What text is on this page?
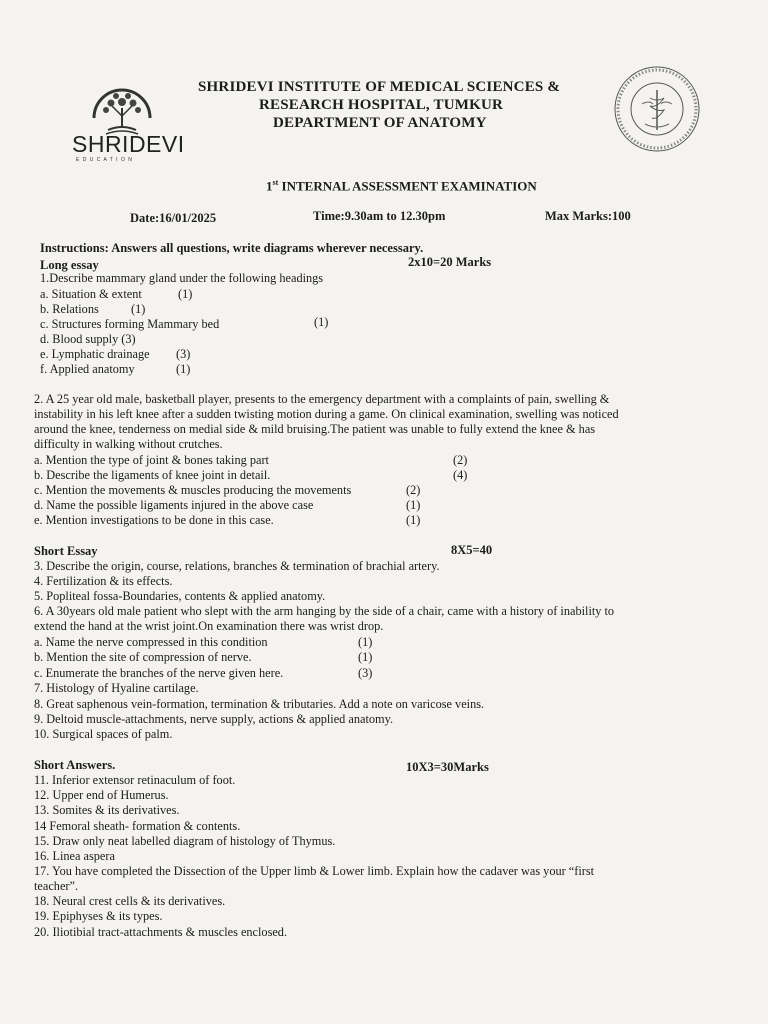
SHRIDEVI
E D U C A T I O N
SHRIDEVI INSTITUTE OF MEDICAL SCIENCES &
RESEARCH HOSPITAL, TUMKUR
DEPARTMENT OF ANATOMY
1st INTERNAL ASSESSMENT EXAMINATION
Date:16/01/2025	Time:9.30am to 12.30pm	Max Marks:100
Instructions: Answers all questions, write diagrams wherever necessary.
Long essay	2x10=20 Marks
1.Describe mammary gland under the following headings
a. Situation & extent	(1)
b. Relations	(1)
c. Structures forming Mammary bed	(1)
d. Blood supply (3)
e. Lymphatic drainage (3)
f. Applied anatomy	(1)
2. A 25 year old male, basketball player, presents to the emergency department with a complaints of pain, swelling &
instability in his left knee after a sudden twisting motion during a game. On clinical examination, swelling was noticed
around the knee, tenderness on medial side & mild bruising.The patient was unable to fully extend the knee & has
difficulty in walking without crutches.
a. Mention the type of joint & bones taking part	(2)
b. Describe the ligaments of knee joint in detail.	(4)
c. Mention the movements & muscles producing the movements	(2)
d. Name the possible ligaments injured in the above case	(1)
e. Mention investigations to be done in this case.	(1)
Short Essay	8X5=40
3. Describe the origin, course, relations, branches & termination of brachial artery.
4. Fertilization & its effects.
5. Popliteal fossa-Boundaries, contents & applied anatomy.
6. A 30years old male patient who slept with the arm hanging by the side of a chair, came with a history of inability to
extend the hand at the wrist joint.On examination there was wrist drop.
a. Name the nerve compressed in this condition	(1)
b. Mention the site of compression of nerve.	(1)
c. Enumerate the branches of the nerve given here.	(3)
7. Histology of Hyaline cartilage.
8. Great saphenous vein-formation, termination & tributaries. Add a note on varicose veins.
9. Deltoid muscle-attachments, nerve supply, actions & applied anatomy.
10. Surgical spaces of palm.
Short Answers.	10X3=30Marks
11. Inferior extensor retinaculum of foot.
12. Upper end of Humerus.
13. Somites & its derivatives.
14 Femoral sheath- formation & contents.
15. Draw only neat labelled diagram of histology of Thymus.
16. Linea aspera
17. You have completed the Dissection of the Upper limb & Lower limb. Explain how the cadaver was your “first
teacher”.
18. Neural crest cells & its derivatives.
19. Epiphyses & its types.
20. Iliotibial tract-attachments & muscles enclosed.
